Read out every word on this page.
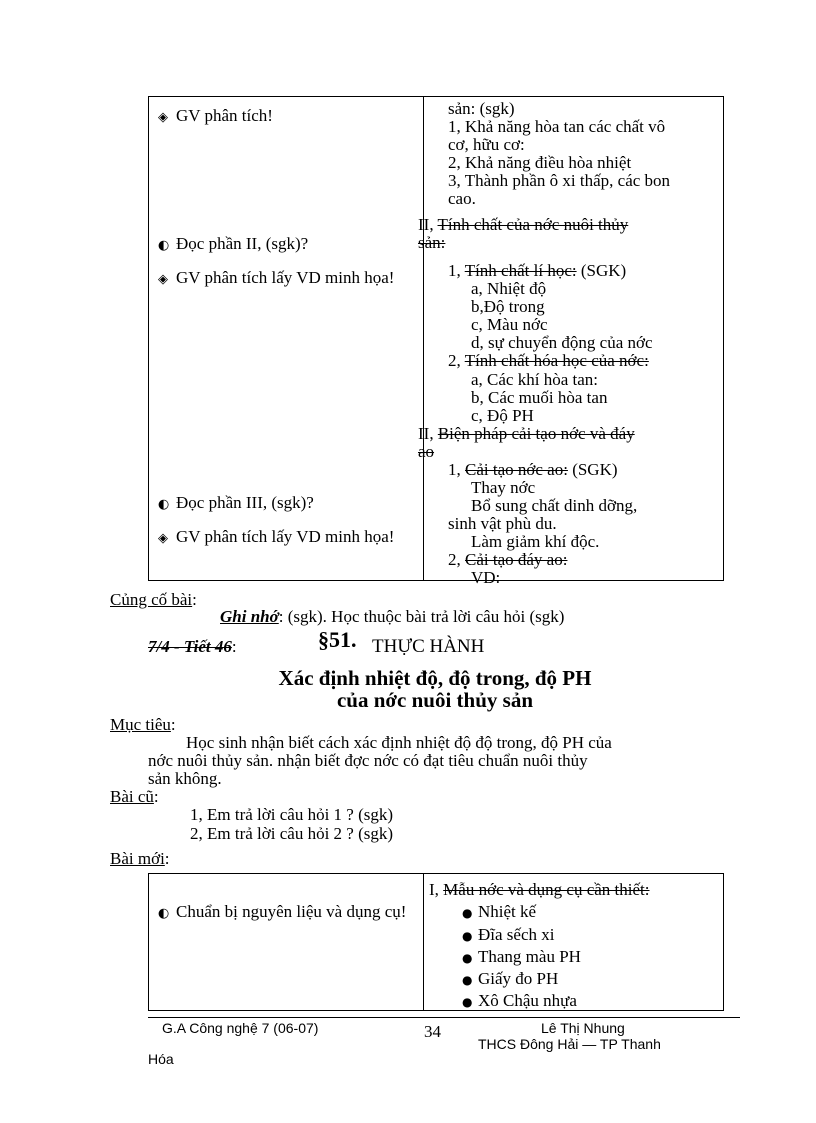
◈ GV phân tích!
◐ Đọc phần II, (sgk)?
◈ GV phân tích lấy VD minh họa!
◐ Đọc phần III, (sgk)?
◈ GV phân tích lấy VD minh họa!
sản: (sgk)
1, Khả năng hòa tan các chất vô
cơ, hữu cơ:
2, Khả năng điều hòa nhiệt
3, Thành phần ô xi thấp, các bon
cao.
II, Tính chất của nớc nuôi thủy
sản:
1, Tính chất lí học: (SGK)
a, Nhiệt độ
b,Độ trong
c, Màu nớc
d, sự chuyển động của nớc
2, Tính chất hóa học của nớc:
a, Các khí hòa tan:
b, Các muối hòa tan
c, Độ PH
II, Biện pháp cải tạo nớc và đáy
ao
1, Cải tạo nớc ao: (SGK)
Thay nớc
Bổ sung chất dinh dỡng,
sinh vật phù du.
Làm giảm khí độc.
2, Cải tạo đáy ao:
VD:
Củng cố bài:
Ghi nhớ: (sgk). Học thuộc bài trả lời câu hỏi (sgk)
7/4 - Tiết 46:	§51. THỰC HÀNH
Xác định nhiệt độ, độ trong, độ PH
của nớc nuôi thủy sản
Mục tiêu:
Học sinh nhận biết cách xác định nhiệt độ độ trong, độ PH của
nớc nuôi thủy sản. nhận biết đợc nớc có đạt tiêu chuẩn nuôi thủy
sản không.
Bài cũ:
1, Em trả lời câu hỏi 1 ? (sgk)
2, Em trả lời câu hỏi 2 ? (sgk)
Bài mới:
◐ Chuẩn bị nguyên liệu và dụng cụ!
I, Mẫu nớc và dụng cụ cần thiết:
● Nhiệt kế
● Đĩa sếch xi
● Thang màu PH
● Giấy đo PH
● Xô Chậu nhựa
G.A Công nghệ 7 (06-07)	34	Lê Thị Nhung
THCS Đông Hải — TP Thanh
Hóa
